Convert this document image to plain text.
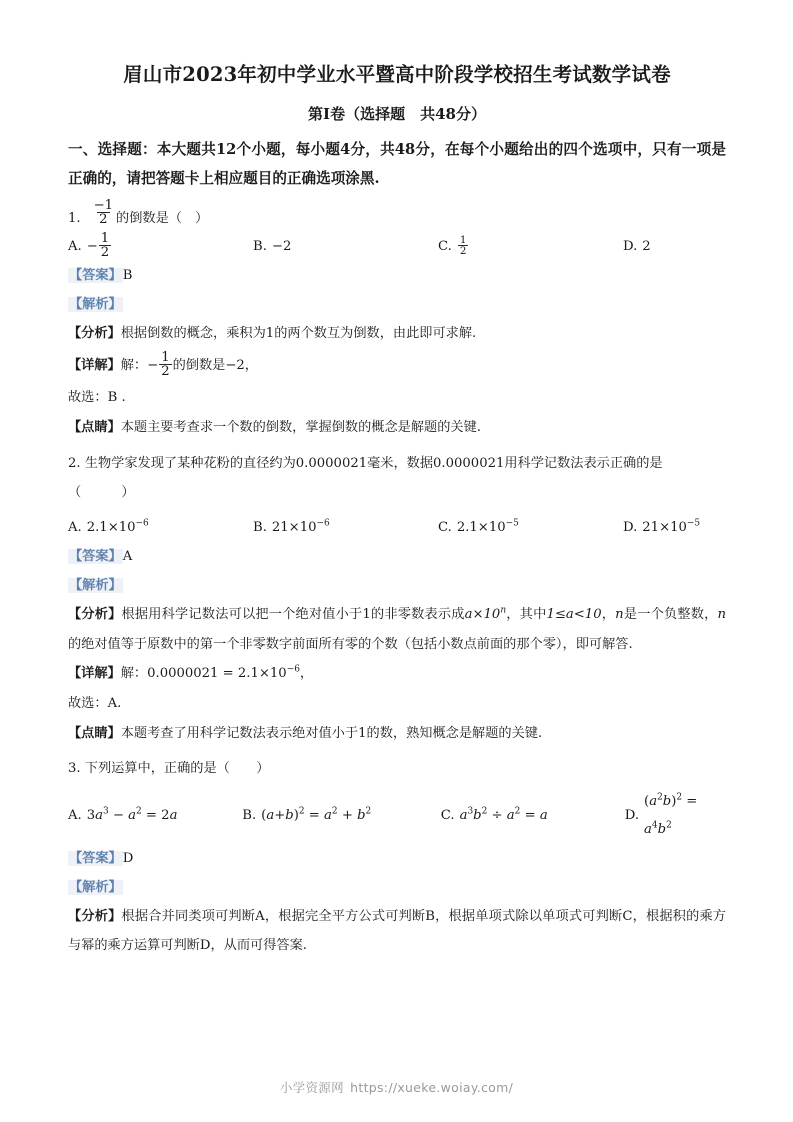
眉山市2023年初中学业水平暨高中阶段学校招生考试数学试卷
第I卷（选择题　共48分）
一、选择题：本大题共12个小题，每小题4分，共48分，在每个小题给出的四个选项中，只有一项是正确的，请把答题卡上相应题目的正确选项涂黑.
1. $\frac{-1}{2}$ 的倒数是（　）
A. − $\frac{1}{2}$	B. −2	C. $\frac{1}{2}$	D. 2
【答案】B
【解析】
【分析】根据倒数的概念，乘积为1的两个数互为倒数，由此即可求解.
【详解】 解： − $\frac{1}{2}$ 的倒数是−2，
故选：B .
【点睛】本题主要考查求一个数的倒数，掌握倒数的概念是解题的关键.
2. 生物学家发现了某种花粉的直径约为0.0000021毫米，数据0.0000021用科学记数法表示正确的是
（　　）
A. $2.1\times 10^{-6}$	B. $21\times 10^{-6}$	C. $2.1\times 10^{-5}$	D. $21\times 10^{-5}$
【答案】A
【解析】
【分析】根据用科学记数法可以把一个绝对值小于1的非零数表示成$a\times 10^n$，其中1≤a<10，n是一个负整数，n的绝对值等于原数中的第一个非零数字前面所有零的个数（包括小数点前面的那个零），即可解答.
【详解】解：$0.0000021 = 2.1\times 10^{-6}$，
故选：A.
【点睛】本题考查了用科学记数法表示绝对值小于1的数，熟知概念是解题的关键.
3. 下列运算中，正确的是（　　）
A. $3a^3 - a^2 = 2a$	B. $(a+b)^2 = a^2 + b^2$	C. $a^3b^2 \div a^2 = a$	D.
$(a^2b)^2 = a^4b^2$
【答案】D
【解析】
【分析】根据合并同类项可判断A，根据完全平方公式可判断B，根据单项式除以单项式可判断C，根据积的乘方与幂的乘方运算可判断D，从而可得答案.
小学资源网 https://xueke.woiay.com/
